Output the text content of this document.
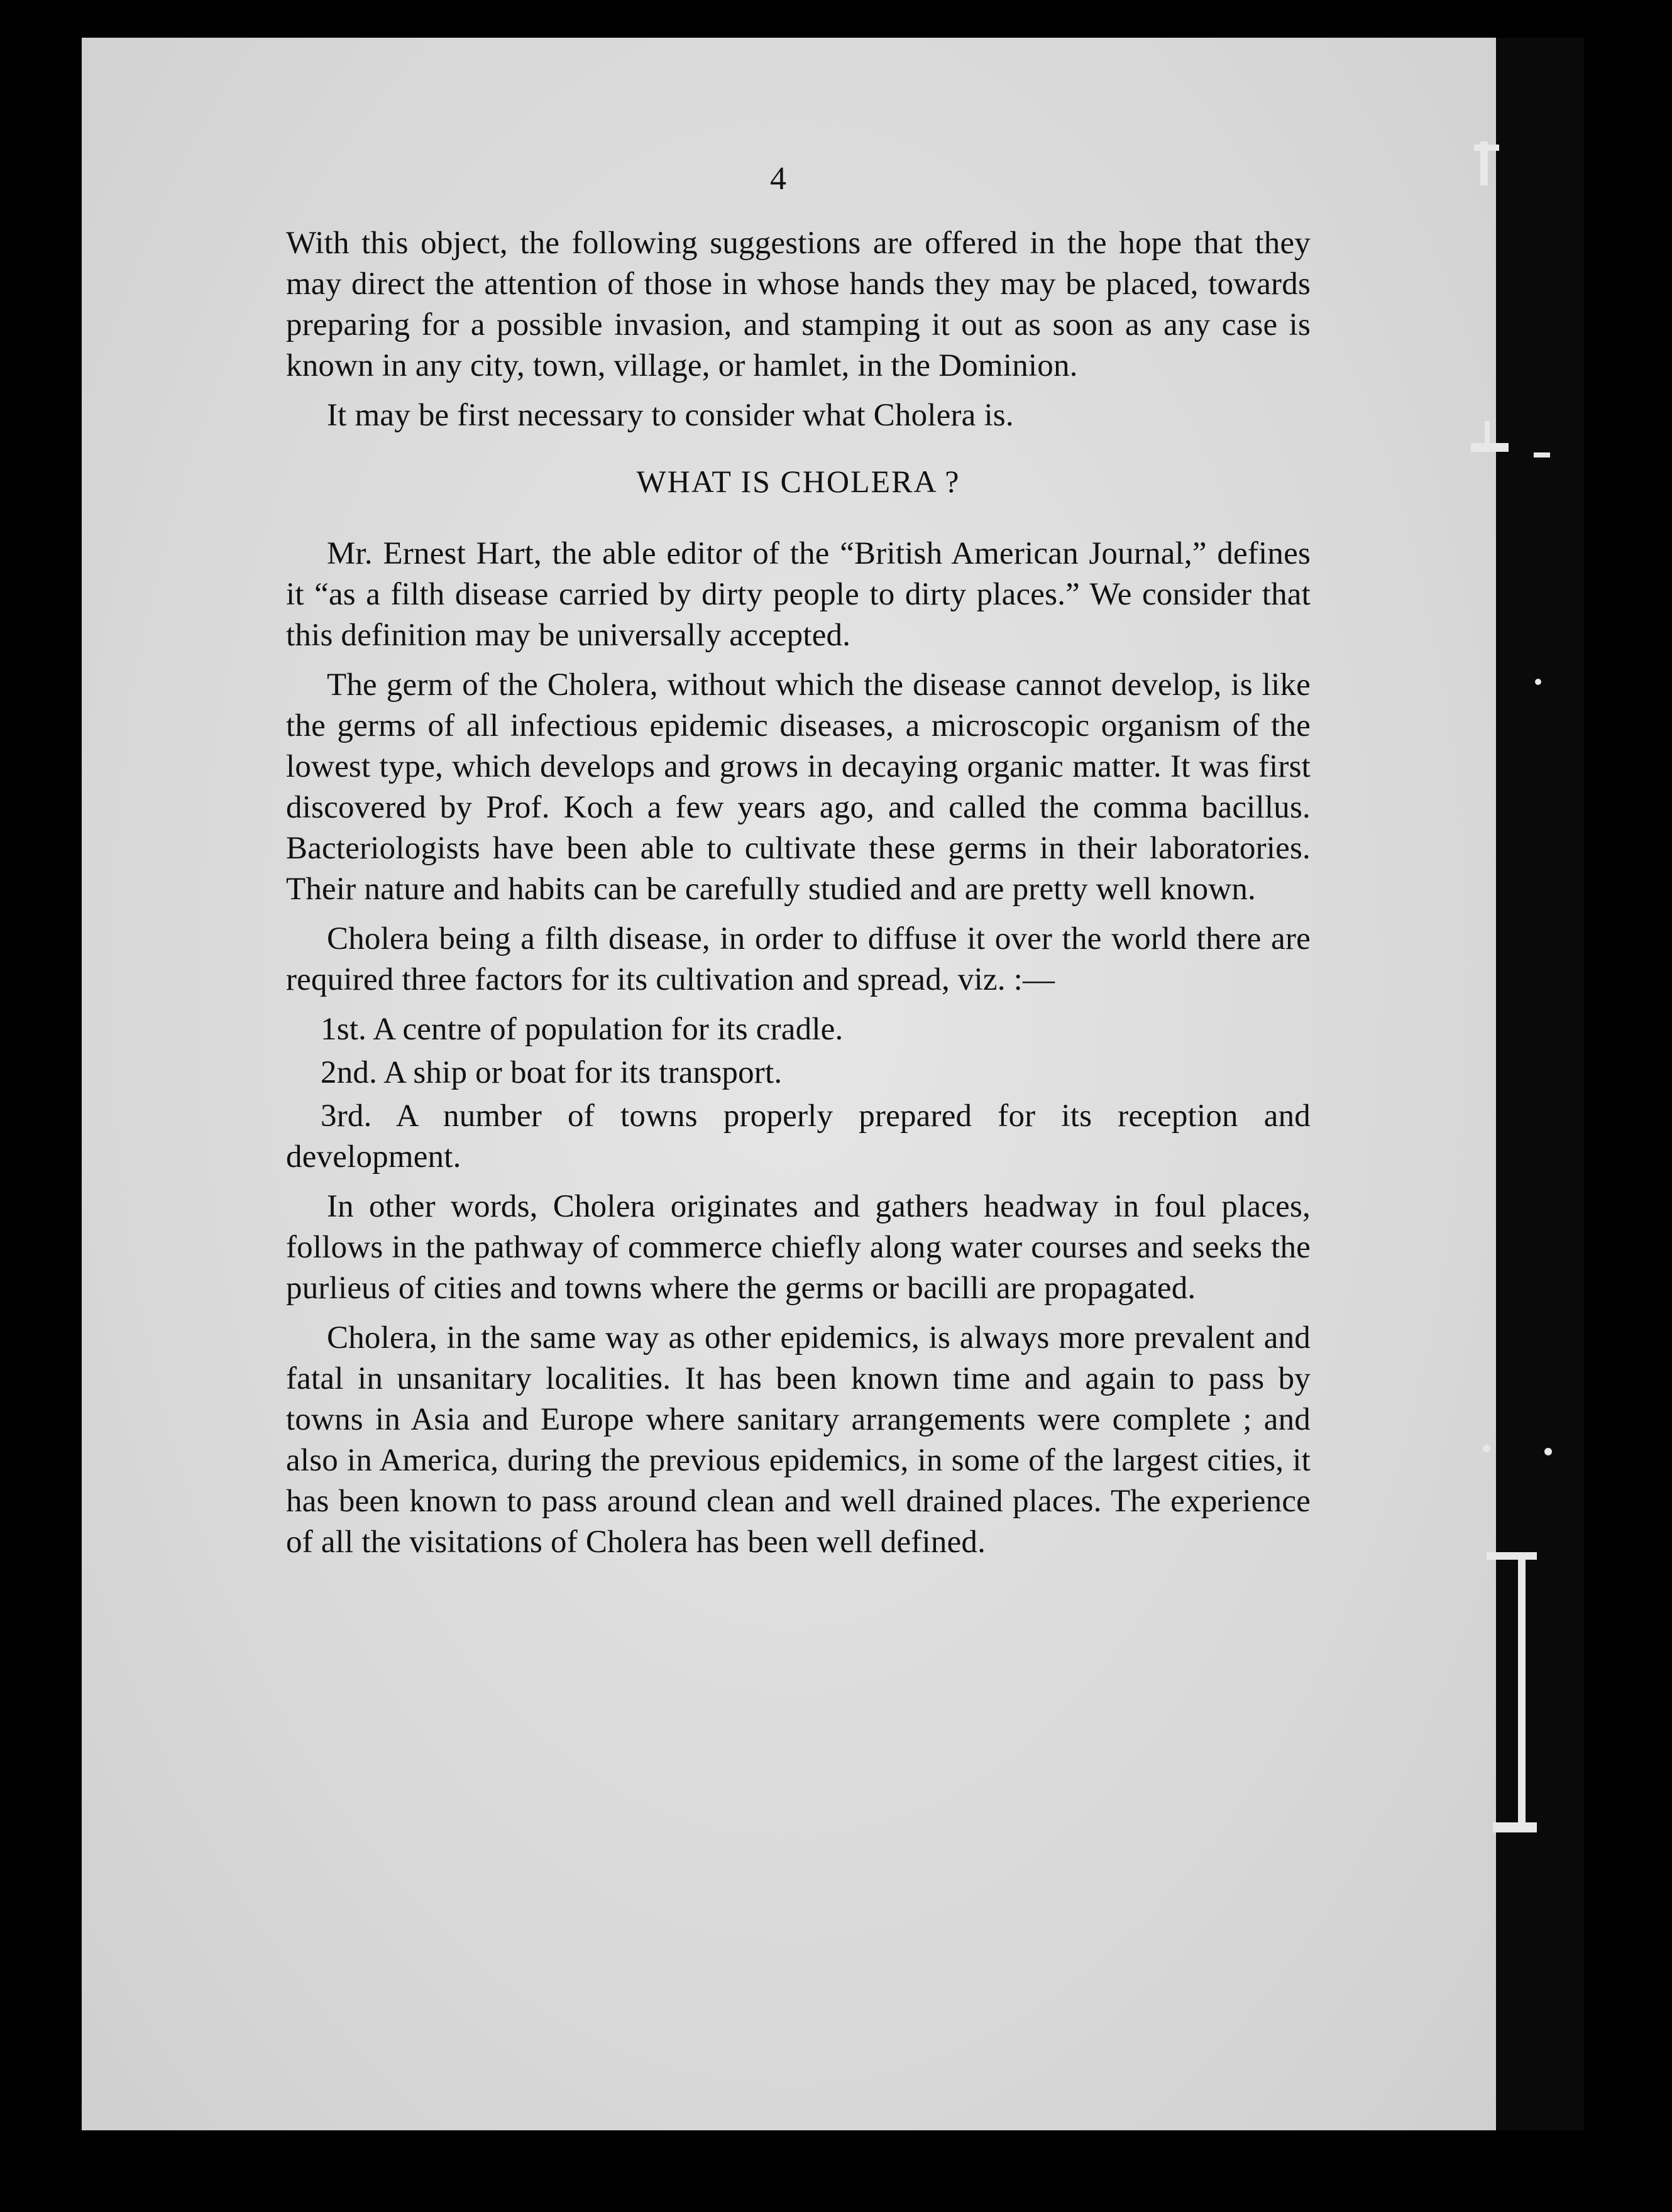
4

With this object, the following suggestions are offered in the hope that they may direct the attention of those in whose hands they may be placed, towards preparing for a possible invasion, and stamping it out as soon as any case is known in any city, town, village, or hamlet, in the Dominion.

It may be first necessary to consider what Cholera is.

WHAT IS CHOLERA ?

Mr. Ernest Hart, the able editor of the “British American Journal,” defines it “as a filth disease carried by dirty people to dirty places.” We consider that this definition may be universally accepted.

The germ of the Cholera, without which the disease cannot develop, is like the germs of all infectious epidemic diseases, a microscopic organism of the lowest type, which develops and grows in decaying organic matter. It was first discovered by Prof. Koch a few years ago, and called the comma bacillus. Bacteriologists have been able to cultivate these germs in their laboratories. Their nature and habits can be carefully studied and are pretty well known.

Cholera being a filth disease, in order to diffuse it over the world there are required three factors for its cultivation and spread, viz. :—

1st. A centre of population for its cradle.

2nd. A ship or boat for its transport.

3rd. A number of towns properly prepared for its reception and development.

In other words, Cholera originates and gathers headway in foul places, follows in the pathway of commerce chiefly along water courses and seeks the purlieus of cities and towns where the germs or bacilli are propagated.

Cholera, in the same way as other epidemics, is always more prevalent and fatal in unsanitary localities. It has been known time and again to pass by towns in Asia and Europe where sanitary arrangements were complete ; and also in America, during the previous epidemics, in some of the largest cities, it has been known to pass around clean and well drained places. The experience of all the visitations of Cholera has been well defined.
